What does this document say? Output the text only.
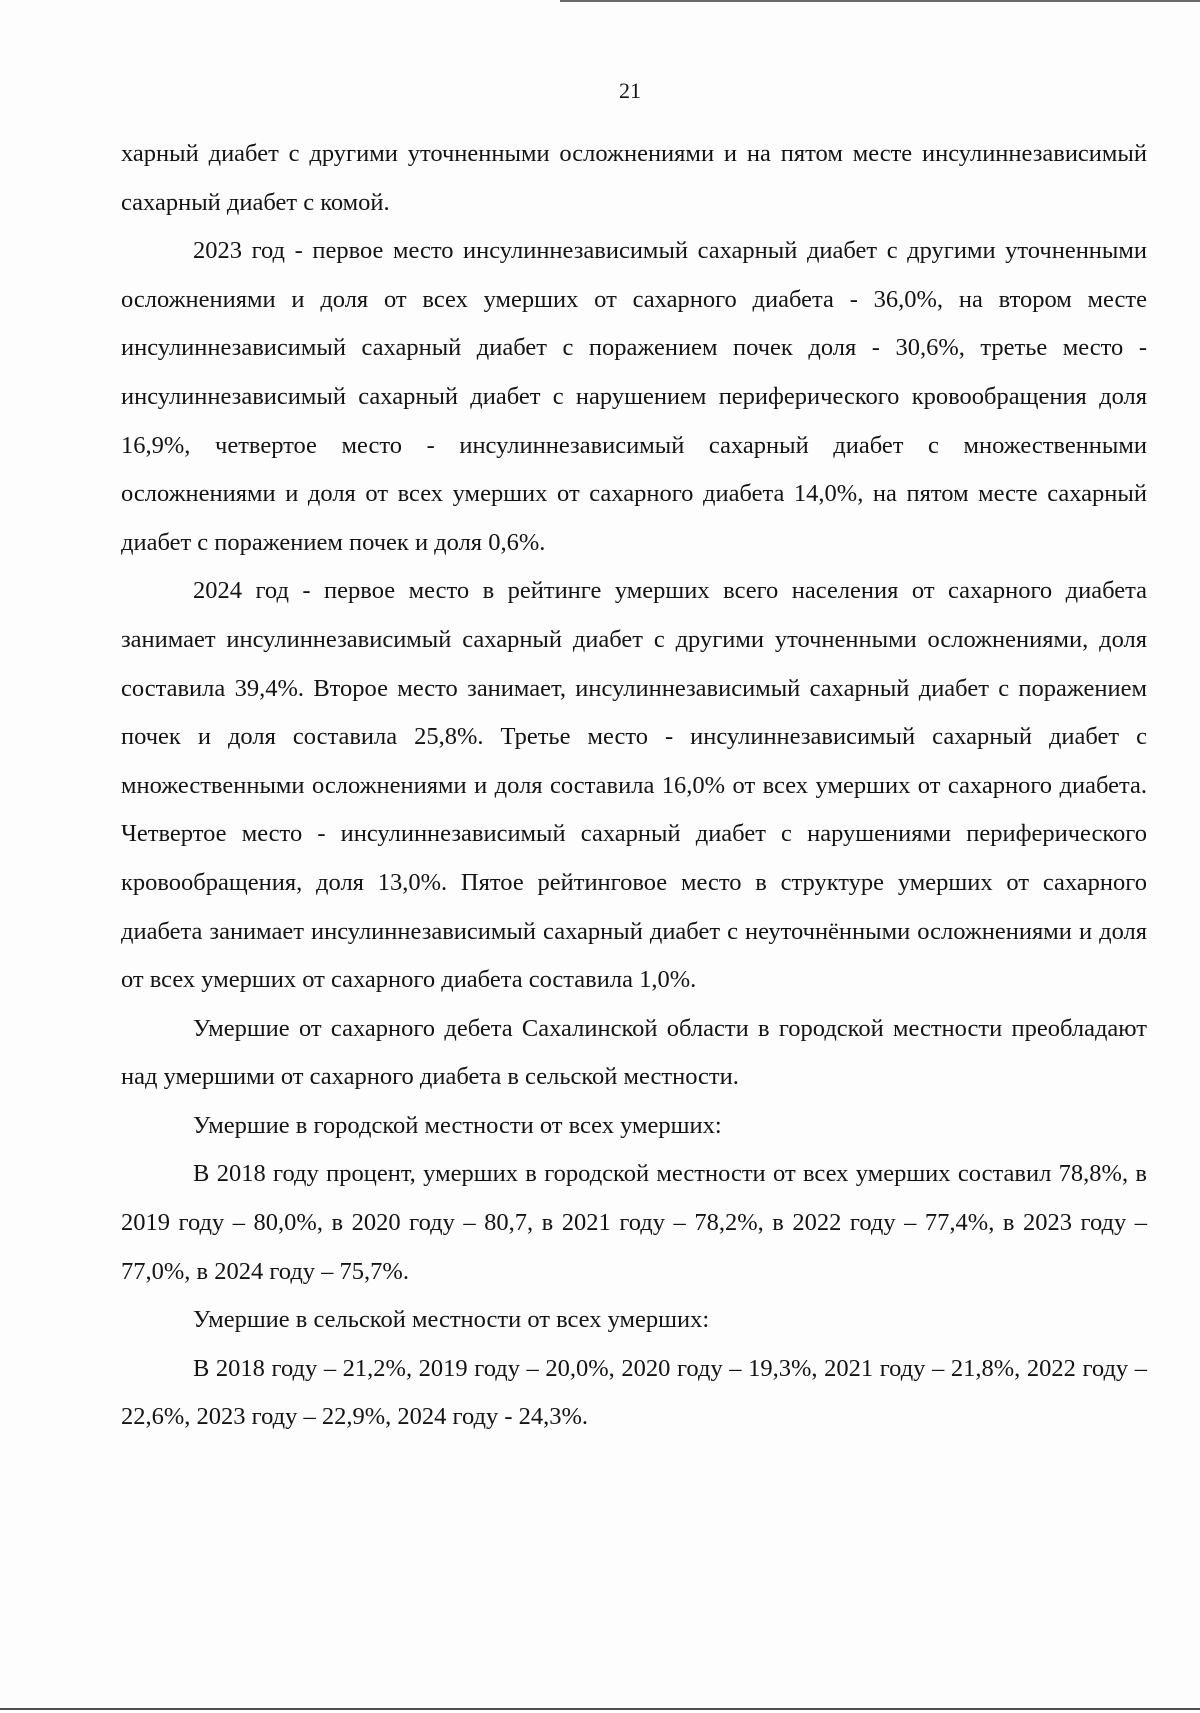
21

харный диабет с другими уточненными осложнениями и на пятом месте инсулиннезависимый сахарный диабет с комой.

2023 год - первое место инсулиннезависимый сахарный диабет с другими уточненными осложнениями и доля от всех умерших от сахарного диабета - 36,0%, на втором месте инсулиннезависимый сахарный диабет с поражением почек доля - 30,6%, третье место - инсулиннезависимый сахарный диабет с нарушением периферического кровообращения доля 16,9%, четвертое место - инсулиннезависимый сахарный диабет с множественными осложнениями и доля от всех умерших от сахарного диабета 14,0%, на пятом месте сахарный диабет с поражением почек и доля 0,6%.

2024 год - первое место в рейтинге умерших всего населения от сахарного диабета занимает инсулиннезависимый сахарный диабет с другими уточненными осложнениями, доля составила 39,4%. Второе место занимает, инсулиннезависимый сахарный диабет с поражением почек и доля составила 25,8%. Третье место - инсулиннезависимый сахарный диабет с множественными осложнениями и доля составила 16,0% от всех умерших от сахарного диабета. Четвертое место - инсулиннезависимый сахарный диабет с нарушениями периферического кровообращения, доля 13,0%. Пятое рейтинговое место в структуре умерших от сахарного диабета занимает инсулиннезависимый сахарный диабет с неуточнёнными осложнениями и доля от всех умерших от сахарного диабета составила 1,0%.

Умершие от сахарного дебета Сахалинской области в городской местности преобладают над умершими от сахарного диабета в сельской местности.

Умершие в городской местности от всех умерших:

В 2018 году процент, умерших в городской местности от всех умерших составил 78,8%, в 2019 году – 80,0%, в 2020 году – 80,7, в 2021 году – 78,2%, в 2022 году – 77,4%, в 2023 году – 77,0%, в 2024 году – 75,7%.

Умершие в сельской местности от всех умерших:

В 2018 году – 21,2%, 2019 году – 20,0%, 2020 году – 19,3%, 2021 году – 21,8%, 2022 году – 22,6%, 2023 году – 22,9%, 2024 году - 24,3%.
